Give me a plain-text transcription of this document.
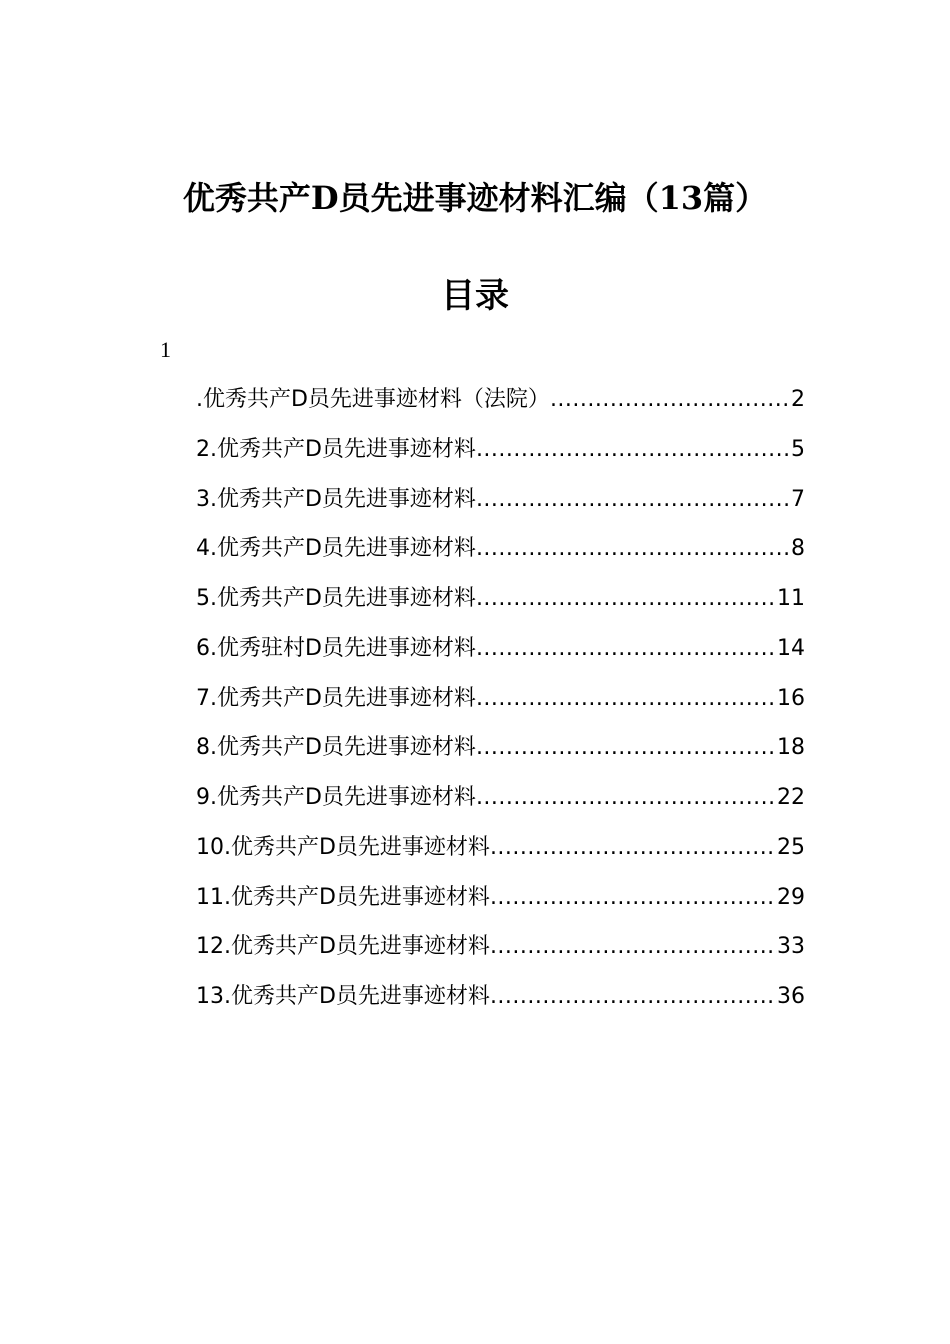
优秀共产D员先进事迹材料汇编（13篇）
目录
1
.优秀共产D员先进事迹材料（法院） .....	2
2.优秀共产D员先进事迹材料 .....	5
3.优秀共产D员先进事迹材料 .....	7
4.优秀共产D员先进事迹材料 .....	8
5.优秀共产D员先进事迹材料 .....	11
6.优秀驻村D员先进事迹材料 .....	14
7.优秀共产D员先进事迹材料 .....	16
8.优秀共产D员先进事迹材料 .....	18
9.优秀共产D员先进事迹材料 .....	22
10.优秀共产D员先进事迹材料 .....	25
11.优秀共产D员先进事迹材料 .....	29
12.优秀共产D员先进事迹材料 .....	33
13.优秀共产D员先进事迹材料 .....	36
